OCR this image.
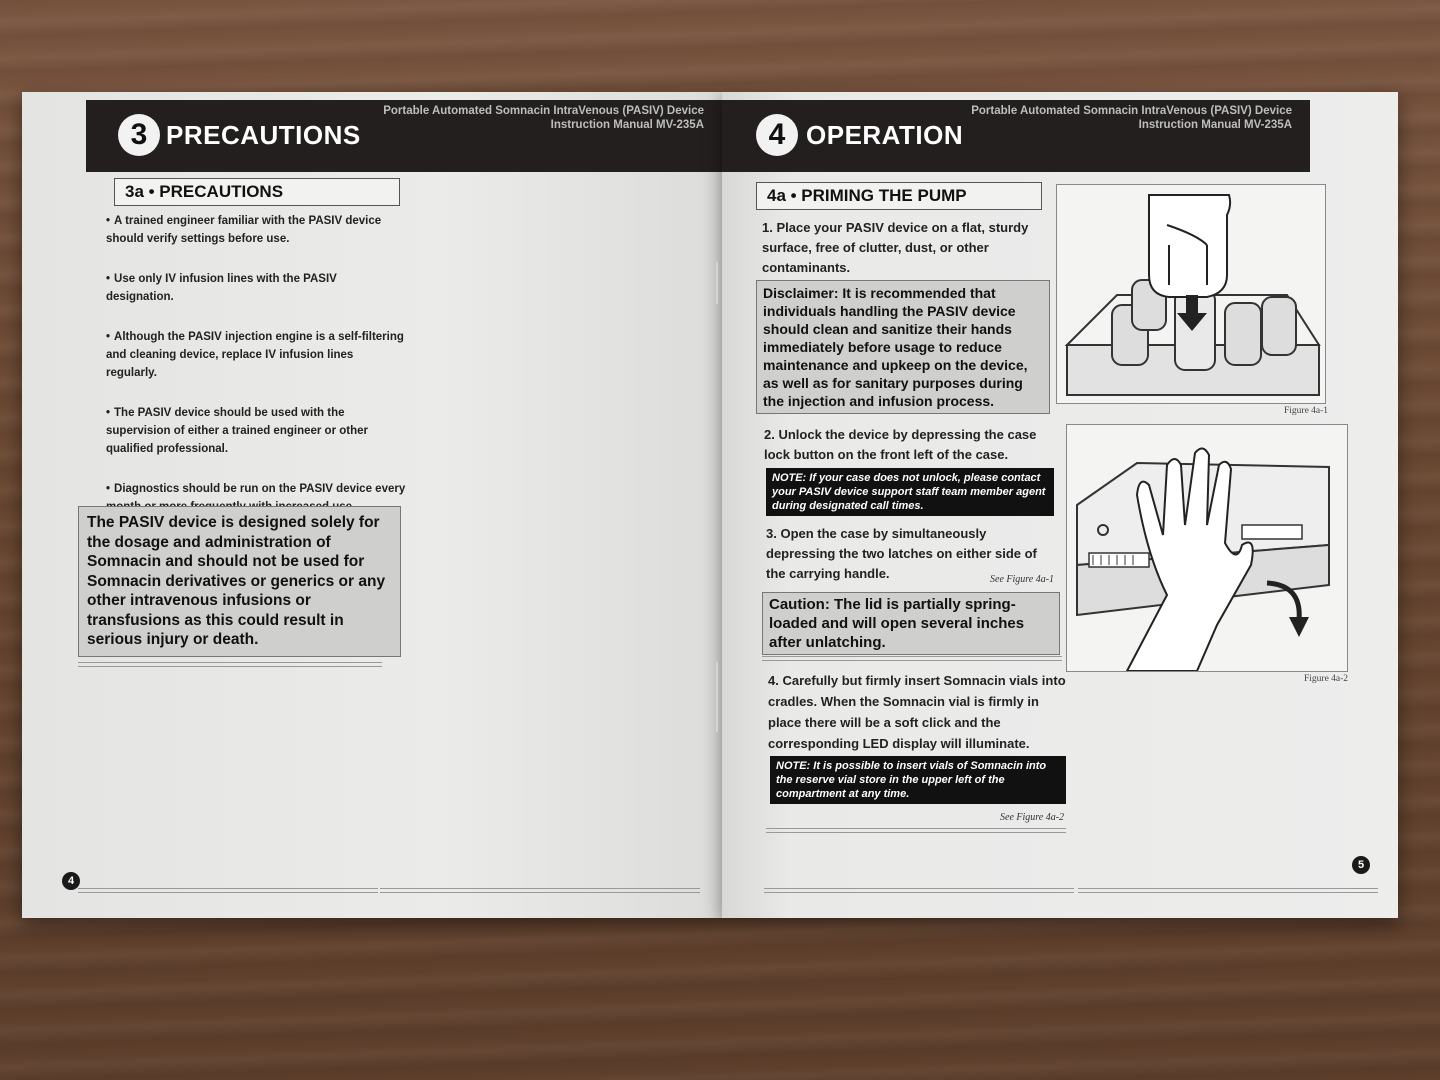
3 PRECAUTIONS
Portable Automated Somnacin IntraVenous (PASIV) Device
Instruction Manual MV-235A
3a • PRECAUTIONS
• A trained engineer familiar with the PASIV device should verify settings before use.
• Use only IV infusion lines with the PASIV designation.
• Although the PASIV injection engine is a self-filtering and cleaning device, replace IV infusion lines regularly.
• The PASIV device should be used with the supervision of either a trained engineer or other qualified professional.
• Diagnostics should be run on the PASIV device every
The PASIV device is designed solely for the dosage and administration of Somnacin and should not be used for Somnacin derivatives or generics or any other intravenous infusions or transfusions as this could result in serious injury or death.
4
4 OPERATION
Portable Automated Somnacin IntraVenous (PASIV) Device
Instruction Manual MV-235A
4a • PRIMING THE PUMP
1. Place your PASIV device on a flat, sturdy surface, free of clutter, dust, or other contaminants.
Disclaimer: It is recommended that individuals handling the PASIV device should clean and sanitize their hands immediately before usage to reduce maintenance and upkeep on the device, as well as for sanitary purposes during the injection and infusion process.
2. Unlock the device by depressing the case lock button on the front left of the case.
NOTE: If your case does not unlock, please contact your PASIV device support staff team member agent during designated call times.
3. Open the case by simultaneously depressing the two latches on either side of the carrying handle.	See Figure 4a-1
Caution: The lid is partially spring-loaded and will open several inches after unlatching.
4. Carefully but firmly insert Somnacin vials into cradles. When the Somnacin vial is firmly in place there will be a soft click and the corresponding LED display will illuminate.
NOTE: It is possible to insert vials of Somnacin into the reserve vial store in the upper left of the compartment at any time.
See Figure 4a-2
Figure 4a-1
Figure 4a-2
5
